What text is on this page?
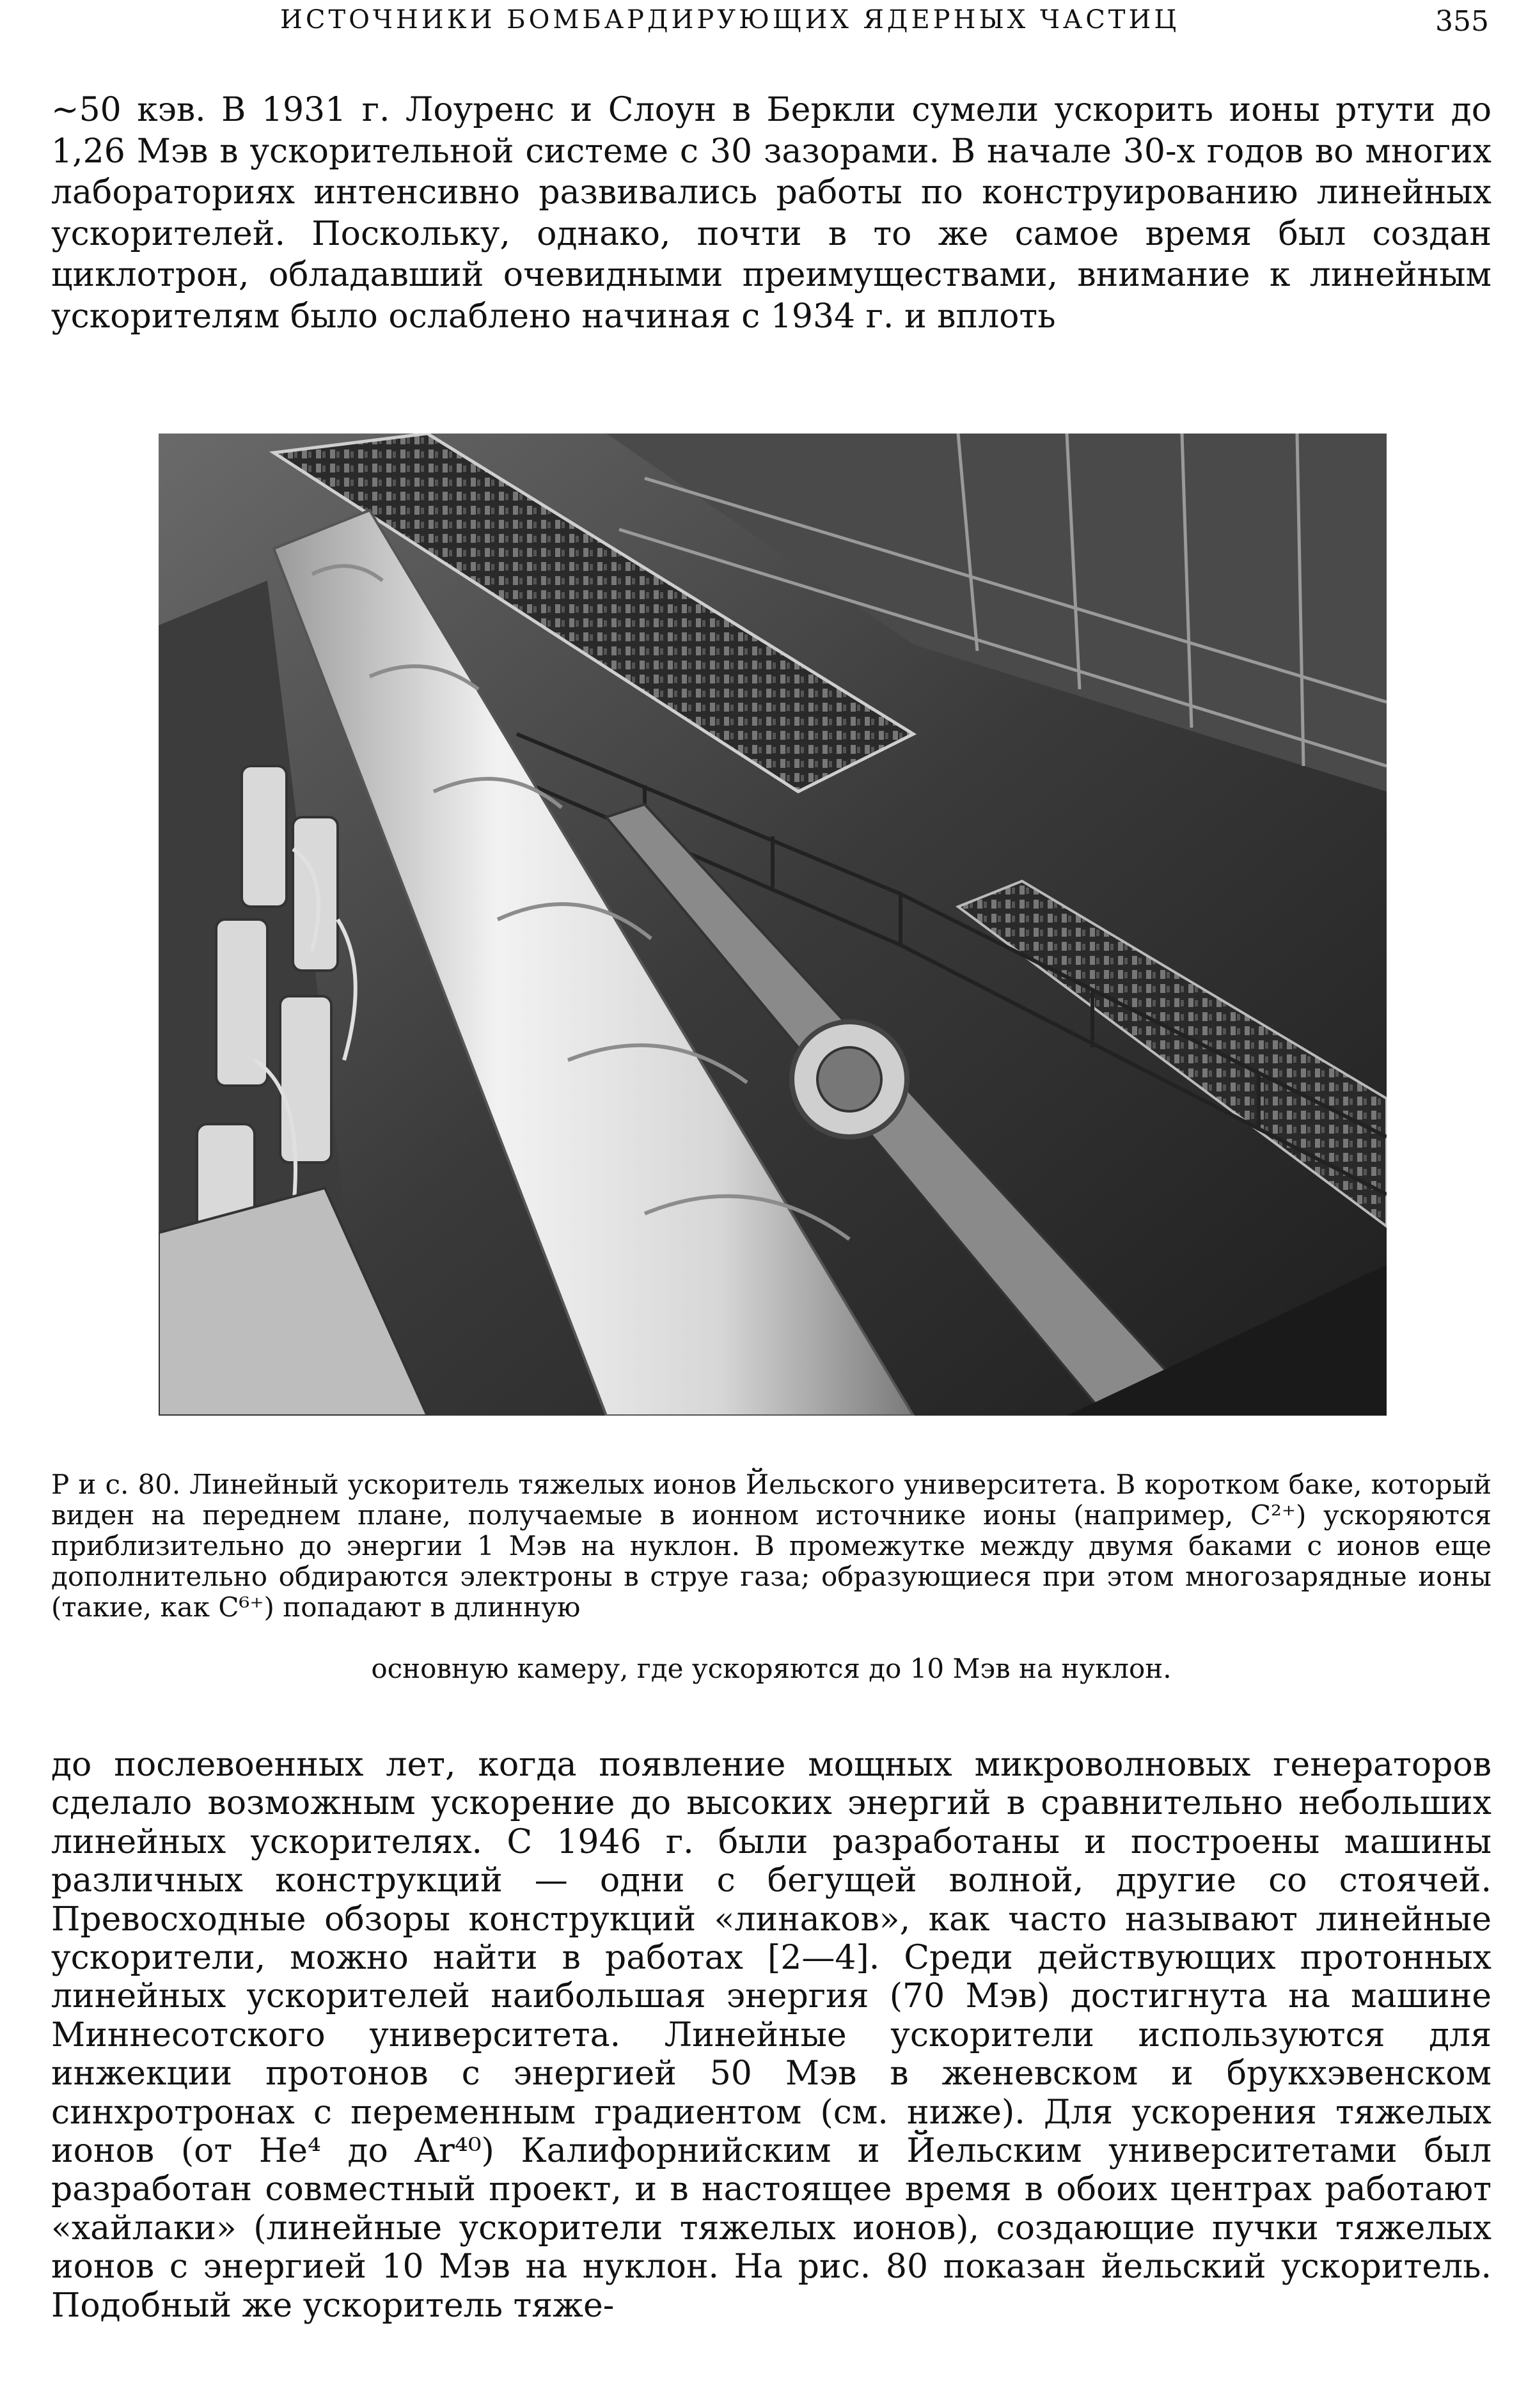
ИСТОЧНИКИ БОМБАРДИРУЮЩИХ ЯДЕРНЫХ ЧАСТИЦ	355

~50 кэв. В 1931 г. Лоуренс и Слоун в Беркли сумели ускорить ионы ртути до 1,26 Мэв в ускорительной системе с 30 зазорами. В начале 30-х годов во многих лабораториях интенсивно развивались работы по конструированию линейных ускорителей. Поскольку, однако, почти в то же самое время был создан циклотрон, обладавший очевидными преимуществами, внимание к линейным ускорителям было ослаблено начиная с 1934 г. и вплоть

Р и с. 80. Линейный ускоритель тяжелых ионов Йельского университета. В коротком баке, который виден на переднем плане, получаемые в ионном источнике ионы (например, C²⁺) ускоряются приблизительно до энергии 1 Мэв на нуклон. В промежутке между двумя баками с ионов еще дополнительно обдираются электроны в струе газа; образующиеся при этом многозарядные ионы (такие, как C⁶⁺) попадают в длинную

основную камеру, где ускоряются до 10 Мэв на нуклон.

до послевоенных лет, когда появление мощных микроволновых генераторов сделало возможным ускорение до высоких энергий в сравнительно небольших линейных ускорителях. С 1946 г. были разработаны и построены машины различных конструкций — одни с бегущей волной, другие со стоячей. Превосходные обзоры конструкций «линаков», как часто называют линейные ускорители, можно найти в работах [2—4]. Среди действующих протонных линейных ускорителей наибольшая энергия (70 Мэв) достигнута на машине Миннесотского университета. Линейные ускорители используются для инжекции протонов с энергией 50 Мэв в женевском и брукхэвенском синхротронах с переменным градиентом (см. ниже). Для ускорения тяжелых ионов (от He⁴ до Ar⁴⁰) Калифорнийским и Йельским университетами был разработан совместный проект, и в настоящее время в обоих центрах работают «хайлаки» (линейные ускорители тяжелых ионов), создающие пучки тяжелых ионов с энергией 10 Мэв на нуклон. На рис. 80 показан йельский ускоритель. Подобный же ускоритель тяже-
